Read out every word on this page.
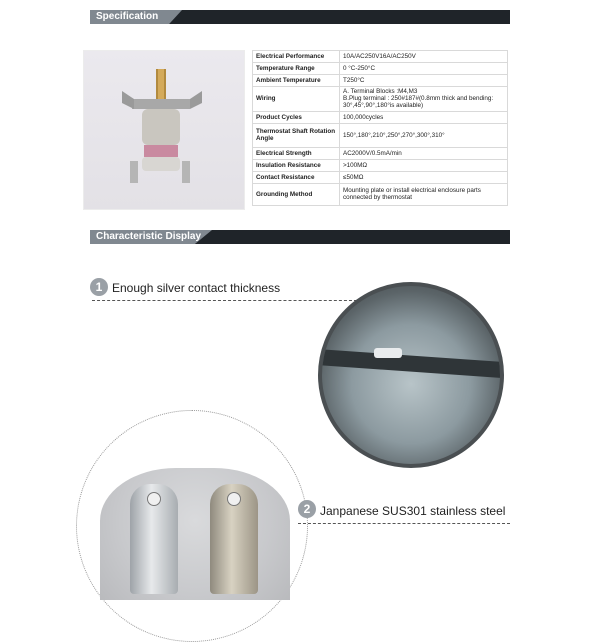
Specification
Electrical Performance	10A/AC250V16A/AC250V
Temperature Range	0 °C-250°C
Ambient Temperature	T250°C
Wiring	A. Terminal Blocks :M4,M3
B.Plug terminal : 250#187#(0.8mm thick and bending: 30°,45°,90°,180°is available)
Product Cycles	100,000cycles
Thermostat Shaft Rotation Angle	150°,180°,210°,250°,270°,300°,310°
Electrical Strength	AC2000V/0.5mA/min
Insulation Resistance	>100MΩ
Contact Resistance	≤50MΩ
Grounding Method	Mounting plate or install electrical enclosure parts connected by thermostat
Characteristic Display
1 Enough silver contact thickness
2 Janpanese SUS301 stainless steel
